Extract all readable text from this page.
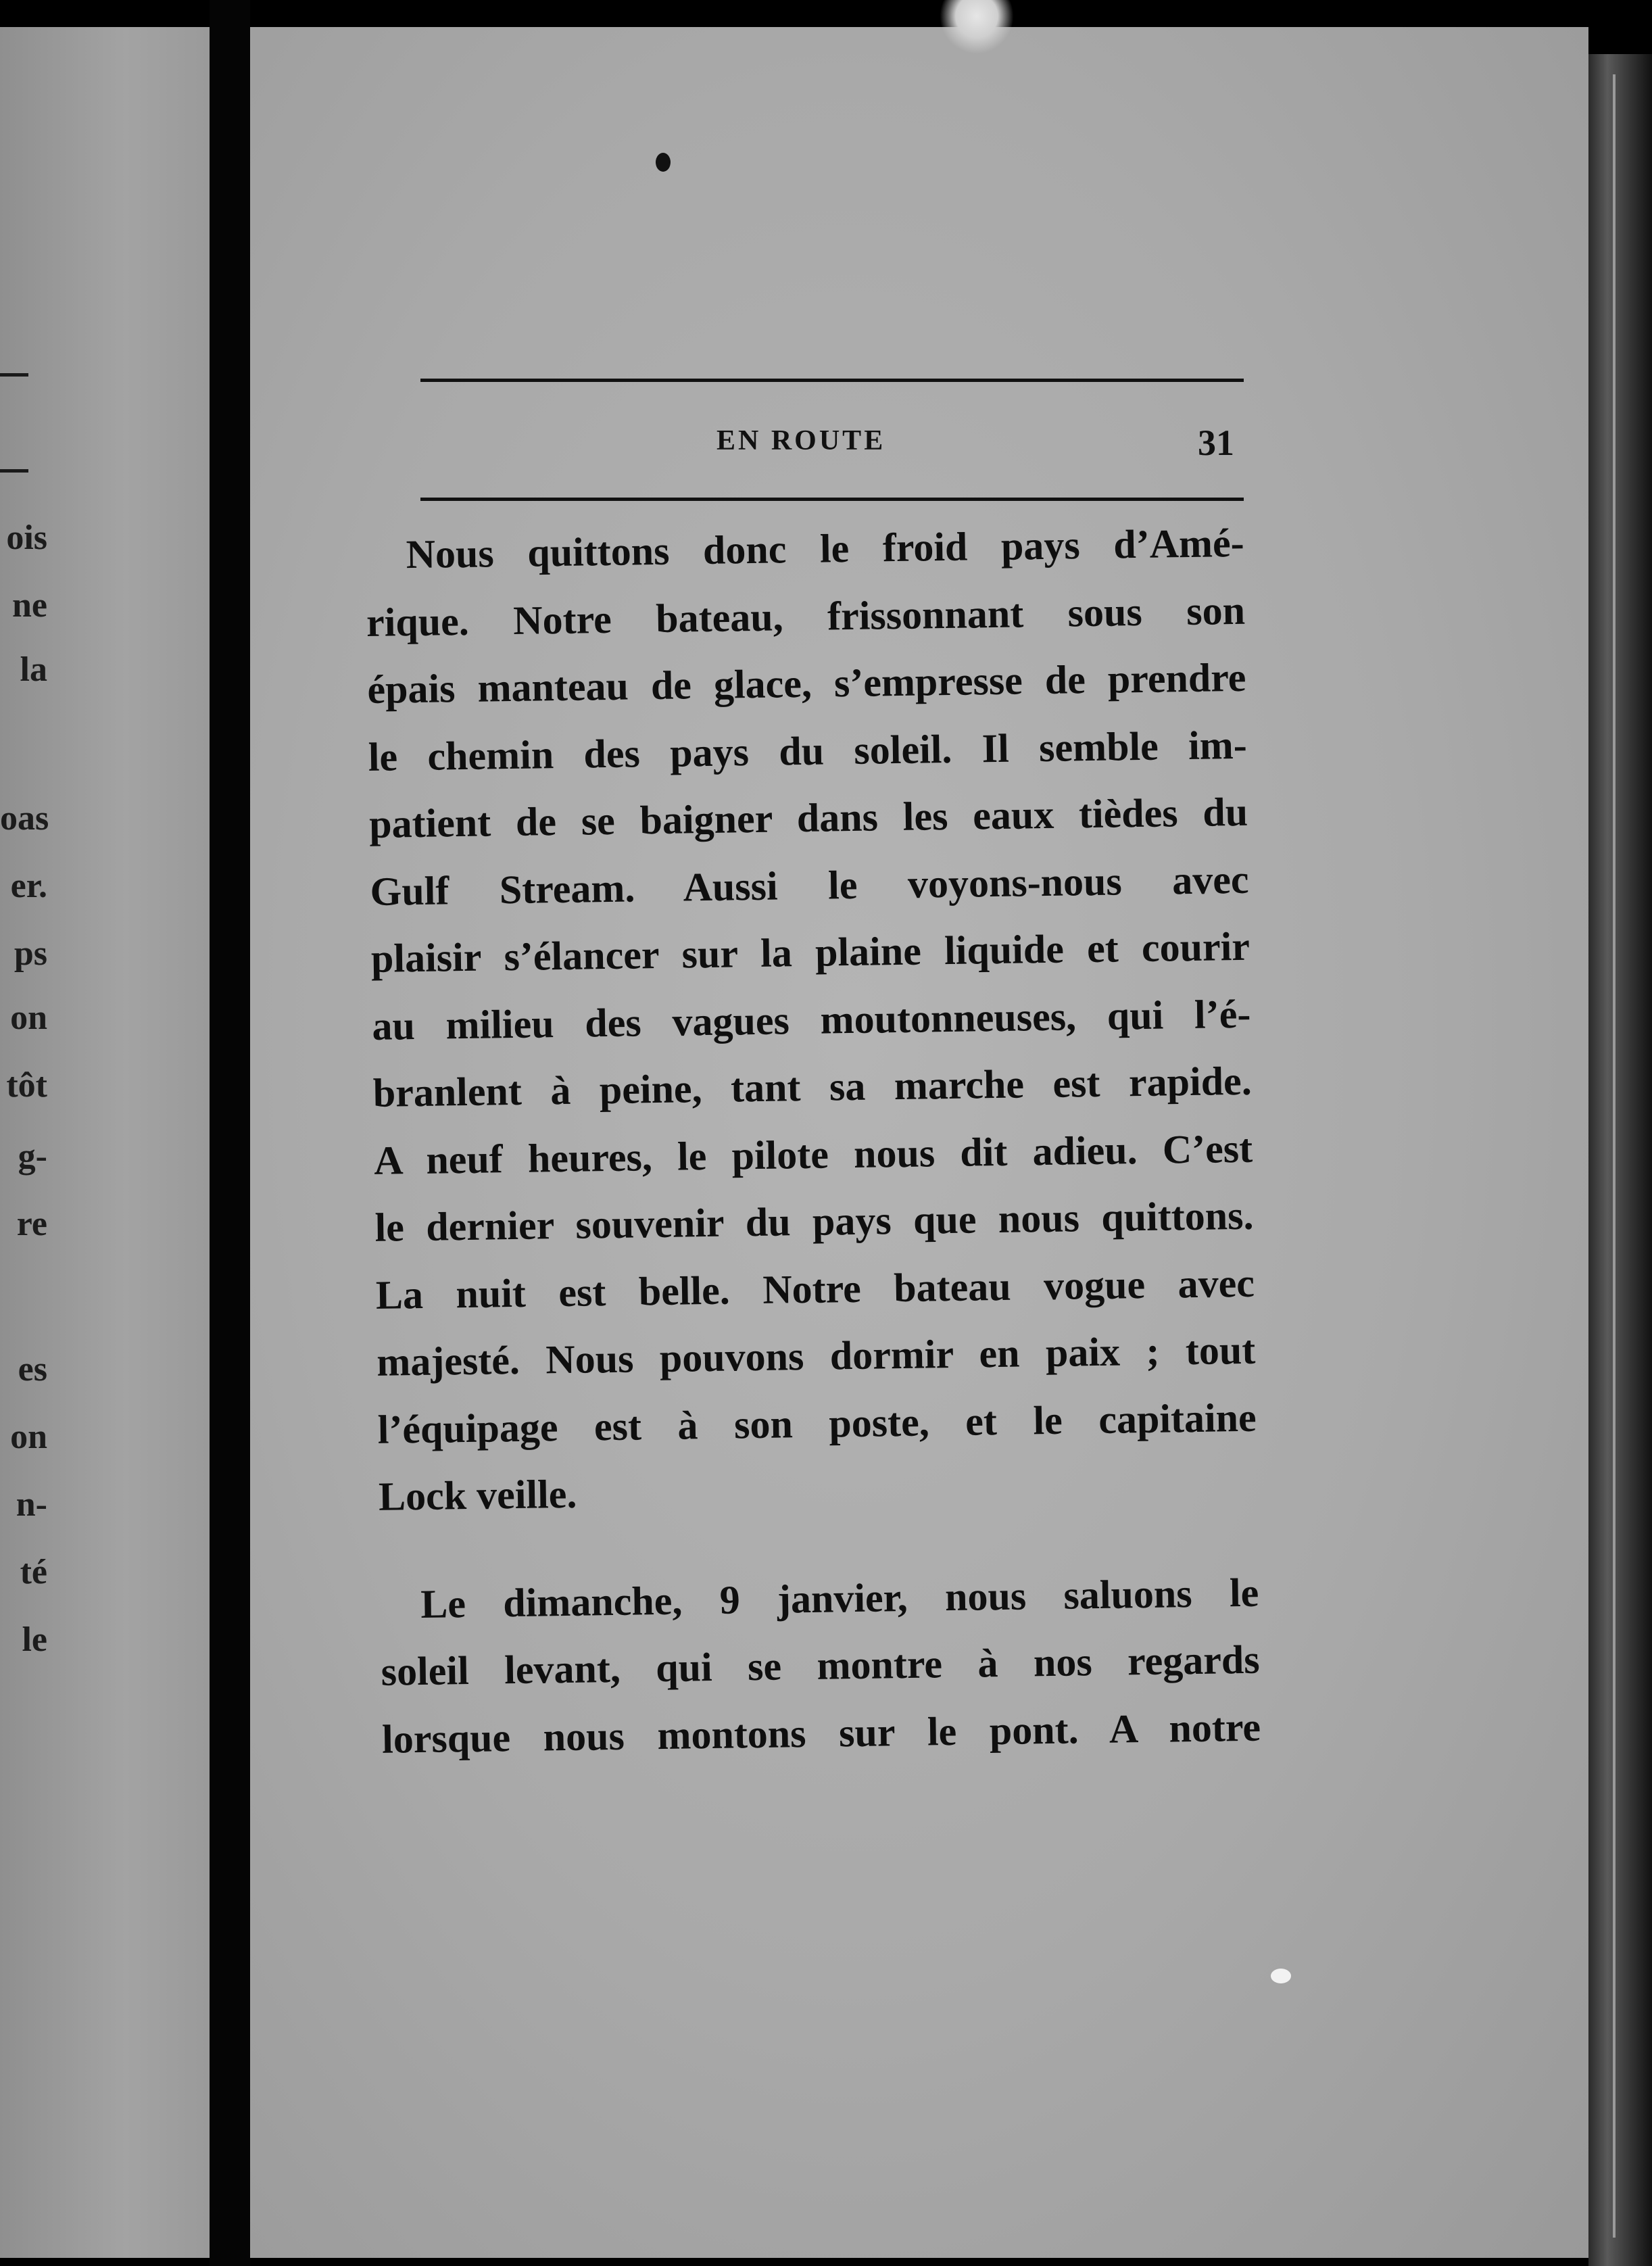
ois
ne
la
oas
er.
ps
on
tôt
g-
re
es
on
n-
té
le
EN ROUTE	31
Nous quittons donc le froid pays d’Amé-
rique. Notre bateau, frissonnant sous son
épais manteau de glace, s’empresse de prendre
le chemin des pays du soleil. Il semble im-
patient de se baigner dans les eaux tièdes du
Gulf Stream. Aussi le voyons-nous avec
plaisir s’élancer sur la plaine liquide et courir
au milieu des vagues moutonneuses, qui l’é-
branlent à peine, tant sa marche est rapide.
A neuf heures, le pilote nous dit adieu. C’est
le dernier souvenir du pays que nous quittons.
La nuit est belle. Notre bateau vogue avec
majesté. Nous pouvons dormir en paix ; tout
l’équipage est à son poste, et le capitaine
Lock veille.
Le dimanche, 9 janvier, nous saluons le
soleil levant, qui se montre à nos regards
lorsque nous montons sur le pont. A notre
